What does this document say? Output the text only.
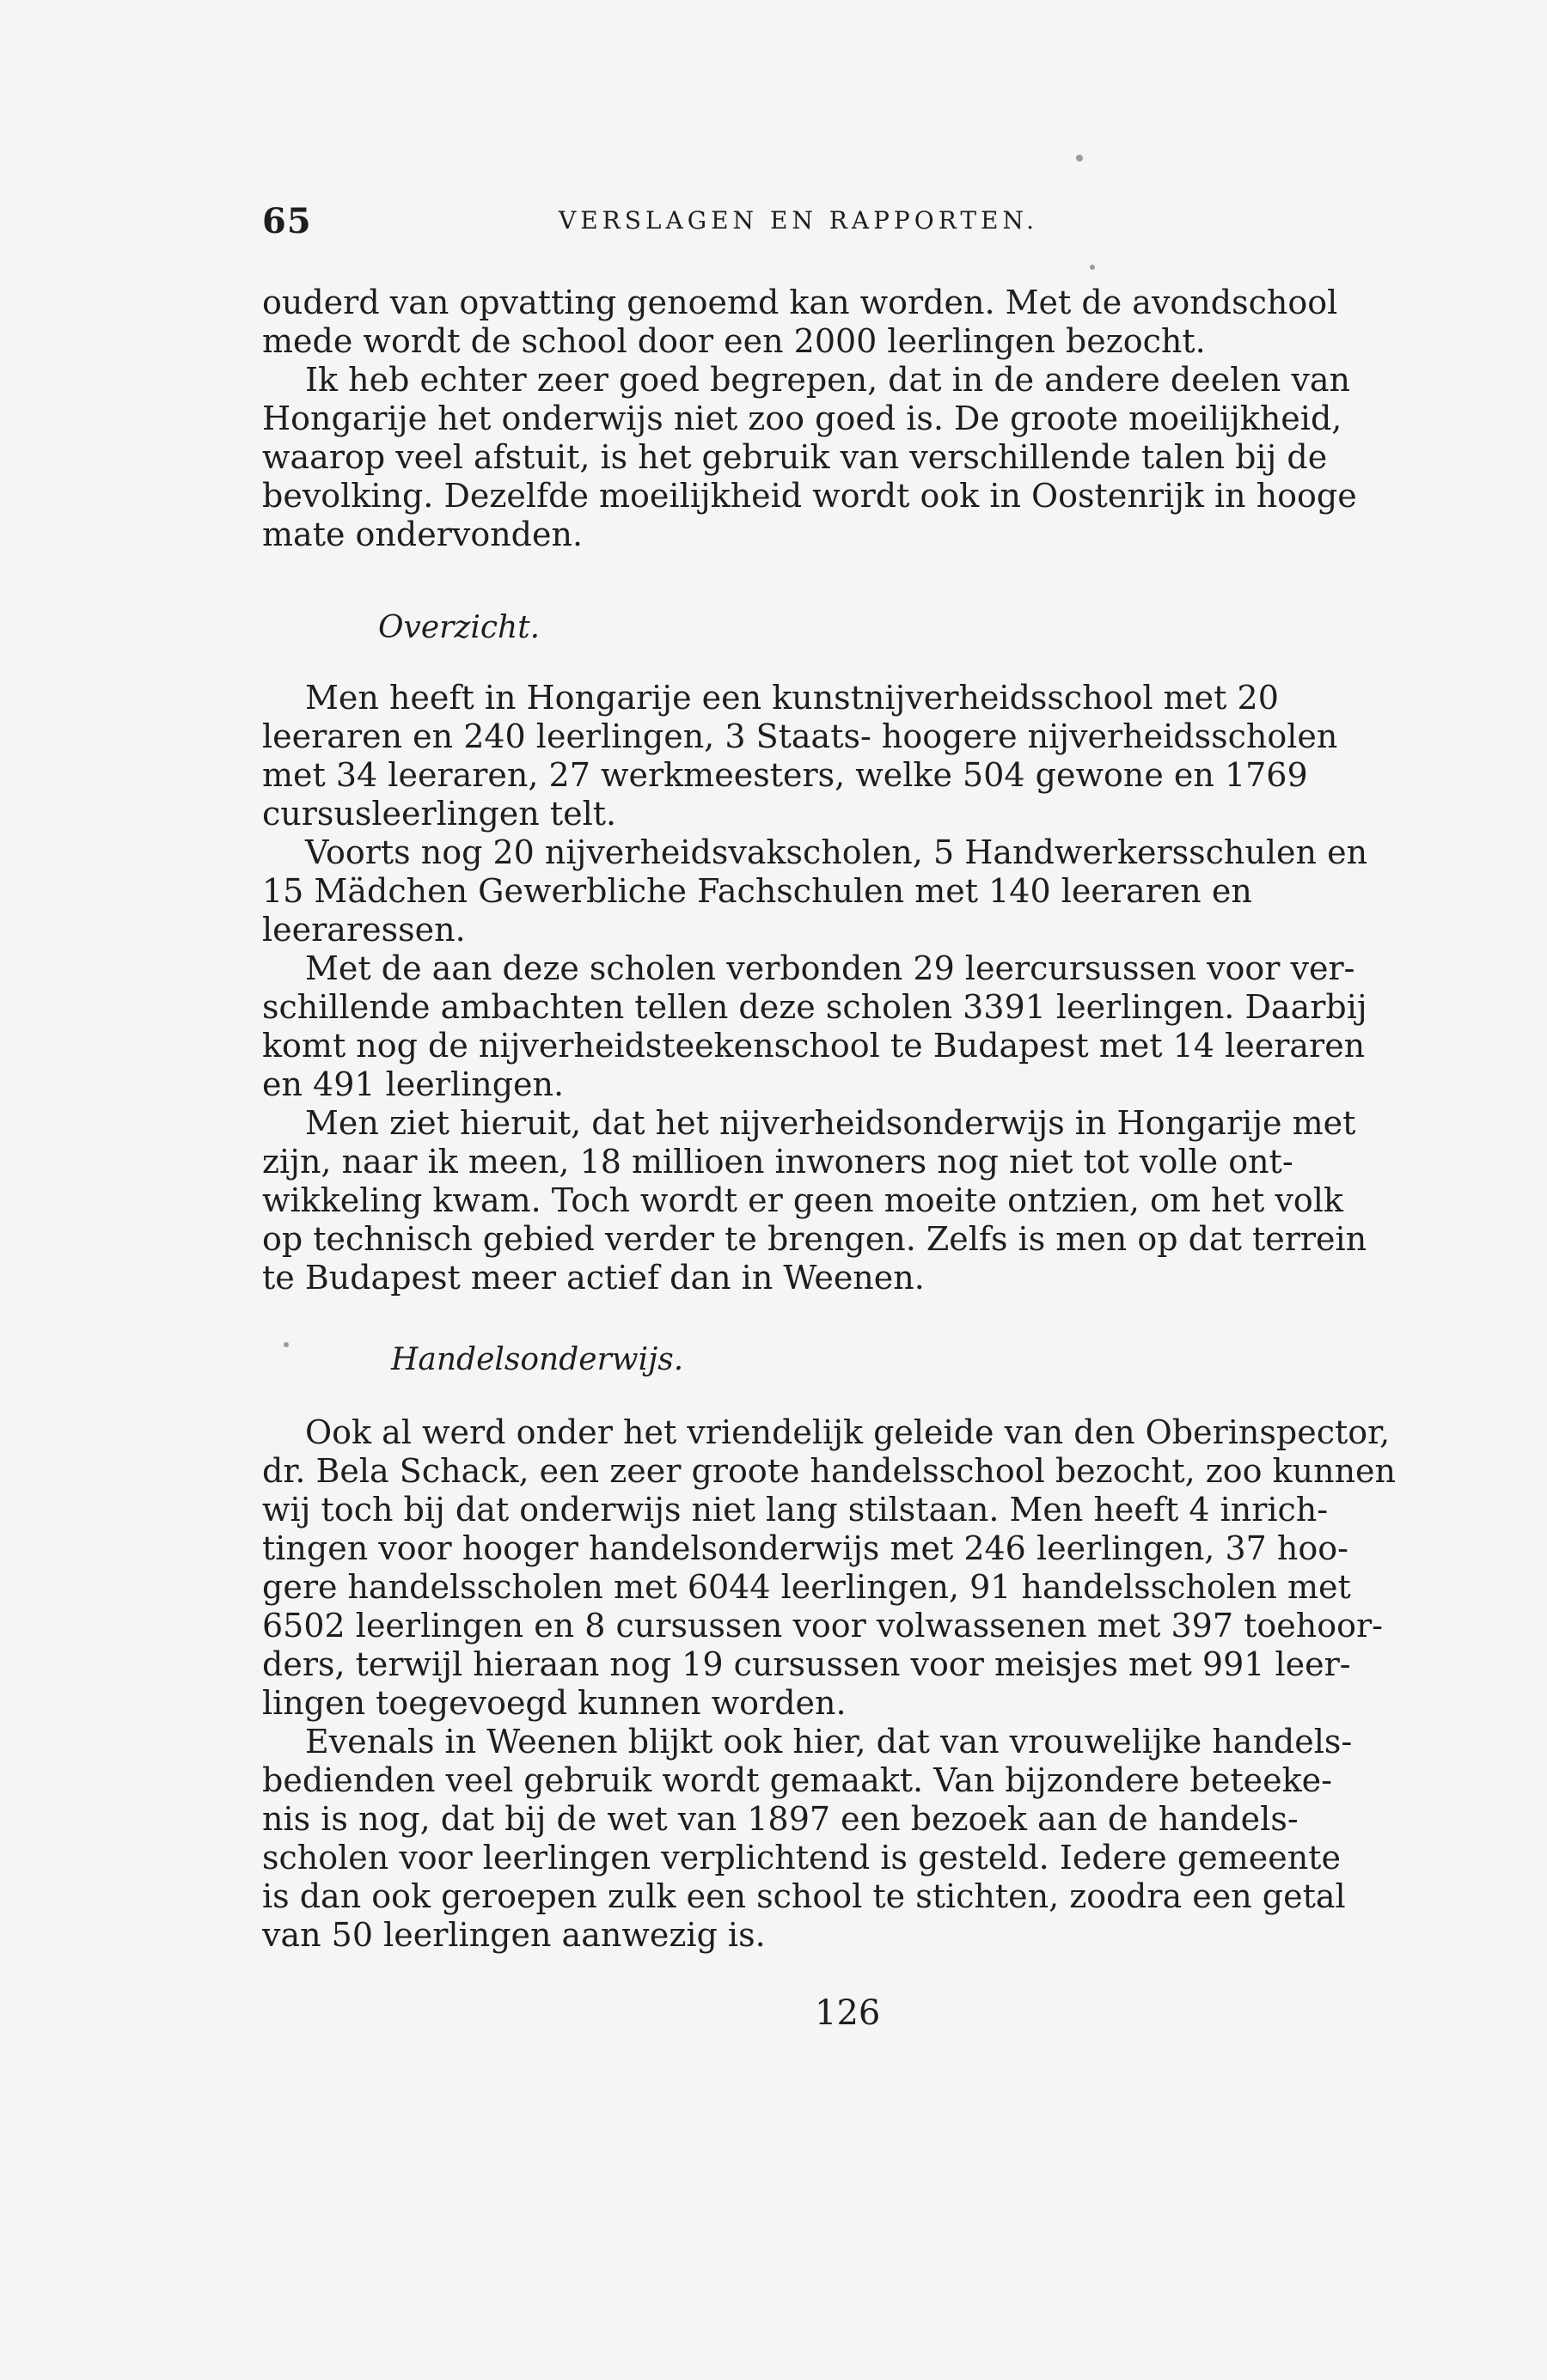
65	VERSLAGEN EN RAPPORTEN.
ouderd van opvatting genoemd kan worden. Met de avondschool
mede wordt de school door een 2000 leerlingen bezocht.
Ik heb echter zeer goed begrepen, dat in de andere deelen van
Hongarije het onderwijs niet zoo goed is. De groote moeilijkheid,
waarop veel afstuit, is het gebruik van verschillende talen bij de
bevolking. Dezelfde moeilijkheid wordt ook in Oostenrijk in hooge
mate ondervonden.
Overzicht.
Men heeft in Hongarije een kunstnijverheidsschool met 20
leeraren en 240 leerlingen, 3 Staats- hoogere nijverheidsscholen
met 34 leeraren, 27 werkmeesters, welke 504 gewone en 1769
cursusleerlingen telt.
Voorts nog 20 nijverheidsvakscholen, 5 Handwerkersschulen en
15 Mädchen Gewerbliche Fachschulen met 140 leeraren en
leeraressen.
Met de aan deze scholen verbonden 29 leercursussen voor ver-
schillende ambachten tellen deze scholen 3391 leerlingen. Daarbij
komt nog de nijverheidsteekenschool te Budapest met 14 leeraren
en 491 leerlingen.
Men ziet hieruit, dat het nijverheidsonderwijs in Hongarije met
zijn, naar ik meen, 18 millioen inwoners nog niet tot volle ont-
wikkeling kwam. Toch wordt er geen moeite ontzien, om het volk
op technisch gebied verder te brengen. Zelfs is men op dat terrein
te Budapest meer actief dan in Weenen.
Handelsonderwijs.
Ook al werd onder het vriendelijk geleide van den Oberinspector,
dr. Bela Schack, een zeer groote handelsschool bezocht, zoo kunnen
wij toch bij dat onderwijs niet lang stilstaan. Men heeft 4 inrich-
tingen voor hooger handelsonderwijs met 246 leerlingen, 37 hoo-
gere handelsscholen met 6044 leerlingen, 91 handelsscholen met
6502 leerlingen en 8 cursussen voor volwassenen met 397 toehoor-
ders, terwijl hieraan nog 19 cursussen voor meisjes met 991 leer-
lingen toegevoegd kunnen worden.
Evenals in Weenen blijkt ook hier, dat van vrouwelijke handels-
bedienden veel gebruik wordt gemaakt. Van bijzondere beteeke-
nis is nog, dat bij de wet van 1897 een bezoek aan de handels-
scholen voor leerlingen verplichtend is gesteld. Iedere gemeente
is dan ook geroepen zulk een school te stichten, zoodra een getal
van 50 leerlingen aanwezig is.
126
